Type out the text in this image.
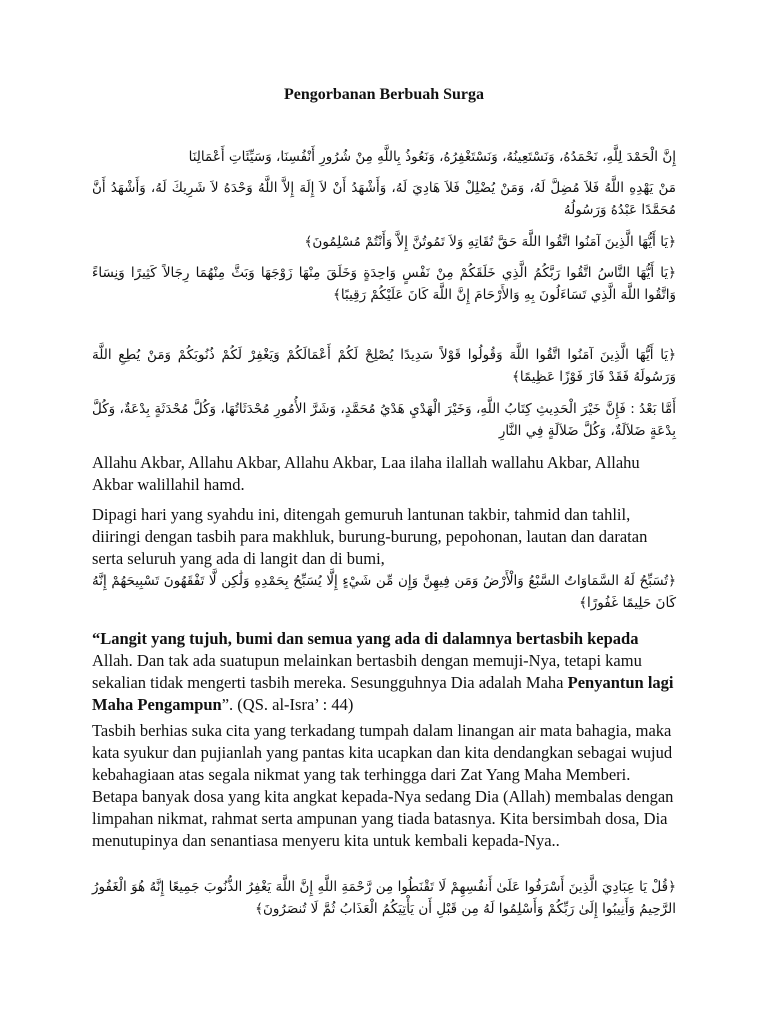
Pengorbanan Berbuah Surga
إِنَّ الْحَمْدَ لِلَّهِ، نَحْمَدُهُ، وَنَسْتَعِينُهُ، وَنَسْتَغْفِرُهُ، وَنَعُوذُ بِاللَّهِ مِنْ شُرُورِ أَنْفُسِنَا، وَسَيِّئَاتِ أَعْمَالِنَا
مَنْ يَهْدِهِ اللَّهُ فَلاَ مُضِلَّ لَهُ، وَمَنْ يُضْلِلْ فَلاَ هَادِيَ لَهُ، وَأَشْهَدُ أَنْ لاَ إِلَهَ إِلاَّ اللَّهُ وَحْدَهُ لاَ شَرِيكَ لَهُ، وَأَشْهَدُ أَنَّ مُحَمَّدًا عَبْدُهُ وَرَسُولُهُ
﴿يَا أَيُّهَا الَّذِينَ آمَنُوا اتَّقُوا اللَّهَ حَقَّ تُقَاتِهِ وَلاَ تَمُوتُنَّ إِلاَّ وَأَنْتُمْ مُسْلِمُونَ﴾
﴿يَا أَيُّهَا النَّاسُ اتَّقُوا رَبَّكُمُ الَّذِي خَلَقَكُمْ مِنْ نَفْسٍ وَاحِدَةٍ وَخَلَقَ مِنْهَا زَوْجَهَا وَبَثَّ مِنْهُمَا رِجَالاً كَثِيرًا وَنِسَاءً وَاتَّقُوا اللَّهَ الَّذِي تَسَاءَلُونَ بِهِ وَالأَرْحَامَ إِنَّ اللَّهَ كَانَ عَلَيْكُمْ رَقِيبًا﴾
﴿يَا أَيُّهَا الَّذِينَ آمَنُوا اتَّقُوا اللَّهَ وَقُولُوا قَوْلاً سَدِيدًا يُصْلِحْ لَكُمْ أَعْمَالَكُمْ وَيَغْفِرْ لَكُمْ ذُنُوبَكُمْ وَمَنْ يُطِعِ اللَّهَ وَرَسُولَهُ فَقَدْ فَازَ فَوْزًا عَظِيمًا﴾
أَمَّا بَعْدُ : فَإِنَّ خَيْرَ الْحَدِيثِ كِتَابُ اللَّهِ، وَخَيْرَ الْهَدْيِ هَدْيُ مُحَمَّدٍ، وَشَرَّ الأُمُورِ مُحْدَثَاتُهَا، وَكُلَّ مُحْدَثَةٍ بِدْعَةٌ، وَكُلَّ بِدْعَةٍ ضَلاَلَةٌ، وَكُلَّ ضَلاَلَةٍ فِي النَّارِ
Allahu Akbar, Allahu Akbar, Allahu Akbar, Laa ilaha ilallah wallahu Akbar, Allahu Akbar walillahil hamd.
Dipagi hari yang syahdu ini, ditengah gemuruh lantunan takbir, tahmid dan tahlil, diiringi dengan tasbih para makhluk, burung-burung, pepohonan, lautan dan daratan serta seluruh yang ada di langit dan di bumi,
﴿تُسَبِّحُ لَهُ السَّمَاوَاتُ السَّبْعُ وَالْأَرْضُ وَمَن فِيهِنَّ وَإِن مِّن شَيْءٍ إِلَّا يُسَبِّحُ بِحَمْدِهِ وَلَٰكِن لَّا تَفْقَهُونَ تَسْبِيحَهُمْ إِنَّهُ كَانَ حَلِيمًا غَفُورًا﴾
“Langit yang tujuh, bumi dan semua yang ada di dalamnya bertasbih kepada Allah. Dan tak ada suatupun melainkan bertasbih dengan memuji-Nya, tetapi kamu sekalian tidak mengerti tasbih mereka. Sesungguhnya Dia adalah Maha Penyantun lagi Maha Pengampun”. (QS. al-Isra’ : 44)
Tasbih berhias suka cita yang terkadang tumpah dalam linangan air mata bahagia, maka kata syukur dan pujianlah yang pantas kita ucapkan dan kita dendangkan sebagai wujud kebahagiaan atas segala nikmat yang tak terhingga dari Zat Yang Maha Memberi. Betapa banyak dosa yang kita angkat kepada-Nya sedang Dia (Allah) membalas dengan limpahan nikmat, rahmat serta ampunan yang tiada batasnya. Kita bersimbah dosa, Dia menutupinya dan senantiasa menyeru kita untuk kembali kepada-Nya..
﴿قُلْ يَا عِبَادِيَ الَّذِينَ أَسْرَفُوا عَلَىٰ أَنفُسِهِمْ لَا تَقْنَطُوا مِن رَّحْمَةِ اللَّهِ إِنَّ اللَّهَ يَغْفِرُ الذُّنُوبَ جَمِيعًا إِنَّهُ هُوَ الْغَفُورُ الرَّحِيمُ وَأَنِيبُوا إِلَىٰ رَبِّكُمْ وَأَسْلِمُوا لَهُ مِن قَبْلِ أَن يَأْتِيَكُمُ الْعَذَابُ ثُمَّ لَا تُنصَرُونَ﴾
